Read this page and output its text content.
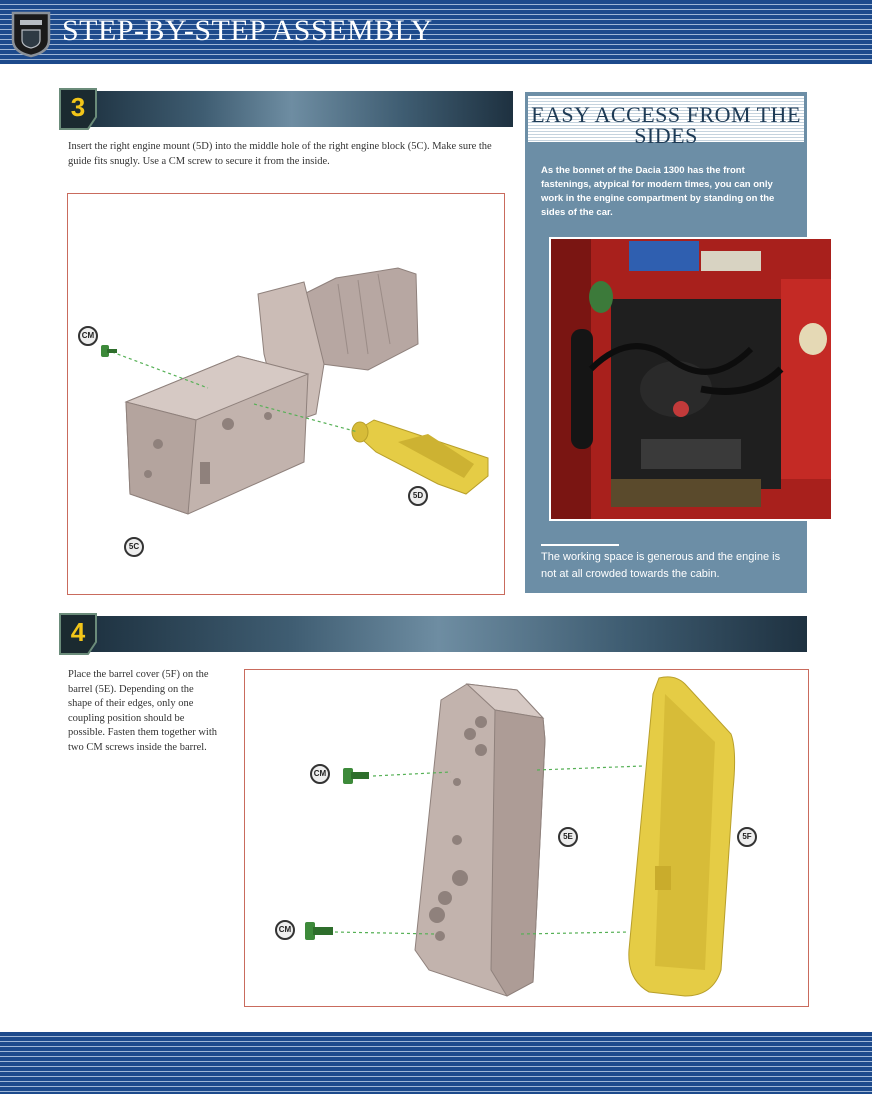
STEP-BY-STEP ASSEMBLY
3
Insert the right engine mount (5D) into the middle hole of the right engine block (5C). Make sure the guide fits snugly. Use a CM screw to secure it from the inside.
CM
5D
5C
EASY ACCESS FROM THE SIDES
As the bonnet of the Dacia 1300 has the front fastenings, atypical for modern times, you can only work in the engine compartment by standing on the sides of the car.
The working space is generous and the engine is not at all crowded towards the cabin.
4
Place the barrel cover (5F) on the barrel (5E). Depending on the shape of their edges, only one coupling position should be possible. Fasten them together with two CM screws inside the barrel.
CM
CM
5E	5F
